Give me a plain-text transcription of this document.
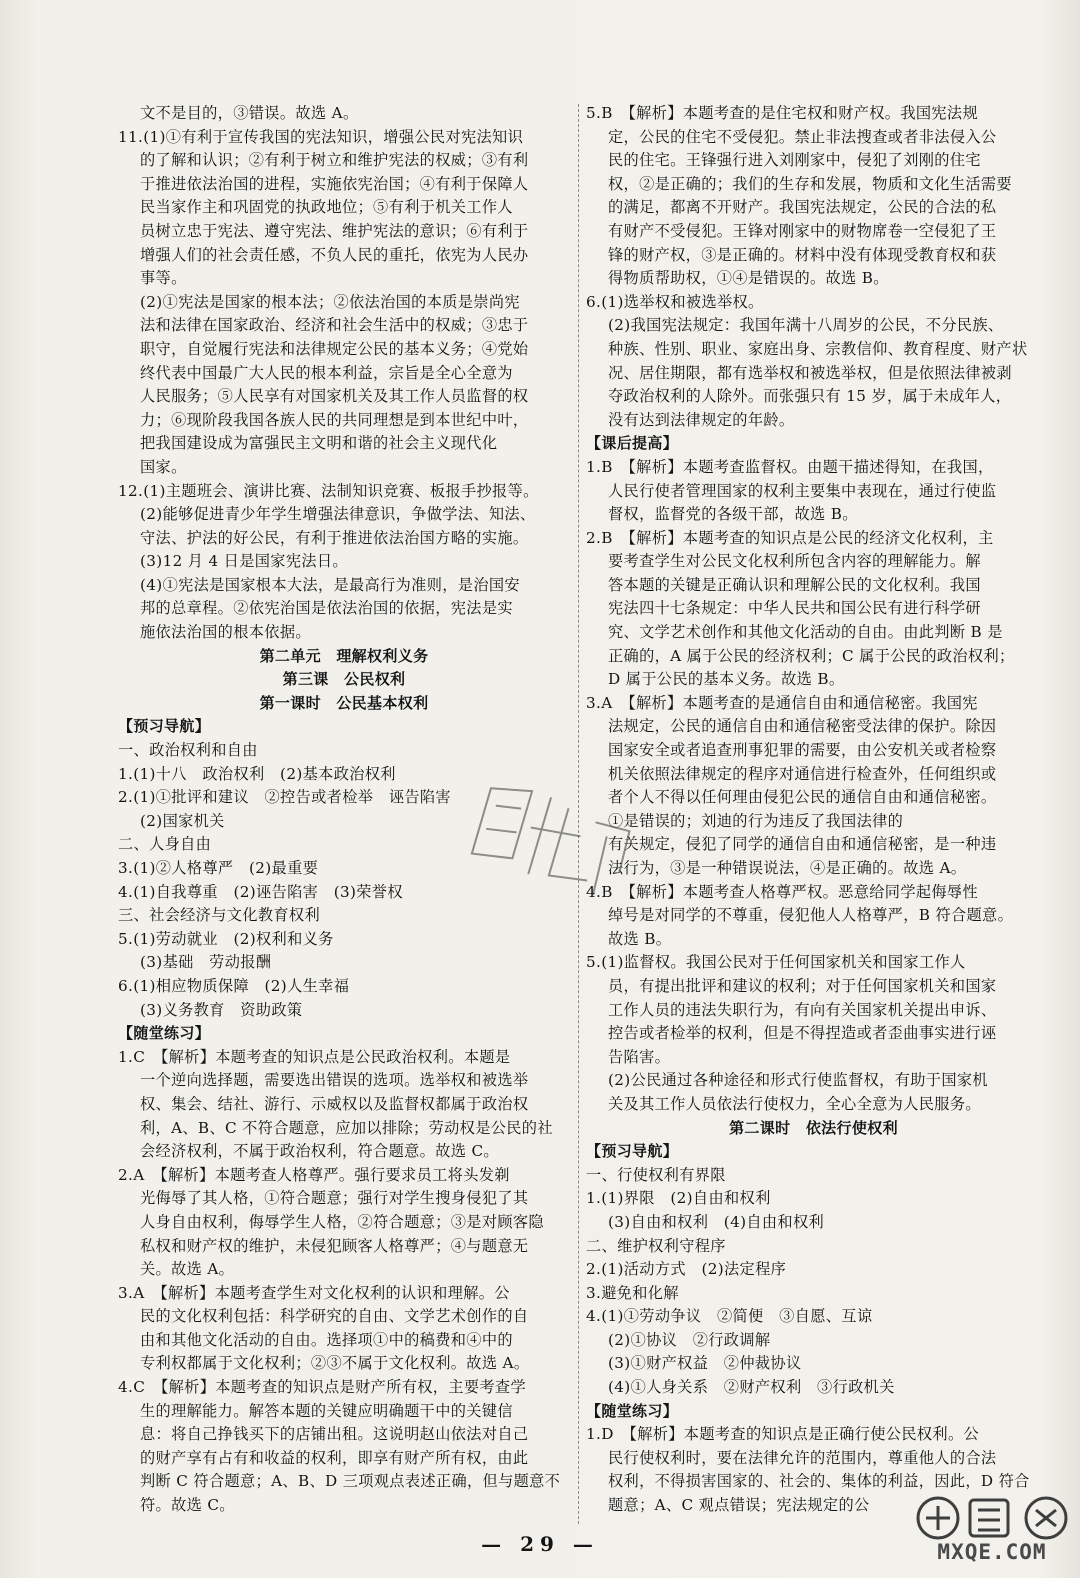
文不是目的，③错误。故选 A。
11.(1)①有利于宣传我国的宪法知识，增强公民对宪法知识
的了解和认识；②有利于树立和维护宪法的权威；③有利
于推进依法治国的进程，实施依宪治国；④有利于保障人
民当家作主和巩固党的执政地位；⑤有利于机关工作人
员树立忠于宪法、遵守宪法、维护宪法的意识；⑥有利于
增强人们的社会责任感，不负人民的重托，依宪为人民办
事等。
(2)①宪法是国家的根本法；②依法治国的本质是崇尚宪
法和法律在国家政治、经济和社会生活中的权威；③忠于
职守，自觉履行宪法和法律规定公民的基本义务；④党始
终代表中国最广大人民的根本利益，宗旨是全心全意为
人民服务；⑤人民享有对国家机关及其工作人员监督的权
力；⑥现阶段我国各族人民的共同理想是到本世纪中叶，
把我国建设成为富强民主文明和谐的社会主义现代化
国家。
12.(1)主题班会、演讲比赛、法制知识竞赛、板报手抄报等。
(2)能够促进青少年学生增强法律意识，争做学法、知法、
守法、护法的好公民，有利于推进依法治国方略的实施。
(3)12 月 4 日是国家宪法日。
(4)①宪法是国家根本大法，是最高行为准则，是治国安
邦的总章程。②依宪治国是依法治国的依据，宪法是实
施依法治国的根本依据。
第二单元　理解权利义务
第三课　公民权利
第一课时　公民基本权利
【预习导航】
一、政治权利和自由
1.(1)十八　政治权利　(2)基本政治权利
2.(1)①批评和建议　②控告或者检举　诬告陷害
(2)国家机关
二、人身自由
3.(1)②人格尊严　(2)最重要
4.(1)自我尊重　(2)诬告陷害　(3)荣誉权
三、社会经济与文化教育权利
5.(1)劳动就业　(2)权利和义务
(3)基础　劳动报酬
6.(1)相应物质保障　(2)人生幸福
(3)义务教育　资助政策
【随堂练习】
1.C　【解析】本题考查的知识点是公民政治权利。本题是
一个逆向选择题，需要选出错误的选项。选举权和被选举
权、集会、结社、游行、示威权以及监督权都属于政治权
利，A、B、C 不符合题意，应加以排除；劳动权是公民的社
会经济权利，不属于政治权利，符合题意。故选 C。
2.A　【解析】本题考查人格尊严。强行要求员工将头发剃
光侮辱了其人格，①符合题意；强行对学生搜身侵犯了其
人身自由权利，侮辱学生人格，②符合题意；③是对顾客隐
私权和财产权的维护，未侵犯顾客人格尊严；④与题意无
关。故选 A。
3.A　【解析】本题考查学生对文化权利的认识和理解。公
民的文化权利包括：科学研究的自由、文学艺术创作的自
由和其他文化活动的自由。选择项①中的稿费和④中的
专利权都属于文化权利；②③不属于文化权利。故选 A。
4.C　【解析】本题考查的知识点是财产所有权，主要考查学
生的理解能力。解答本题的关键应明确题干中的关键信
息：将自己挣钱买下的店铺出租。这说明赵山依法对自己
的财产享有占有和收益的权利，即享有财产所有权，由此
判断 C 符合题意；A、B、D 三项观点表述正确，但与题意不
符。故选 C。
5.B　【解析】本题考查的是住宅权和财产权。我国宪法规
定，公民的住宅不受侵犯。禁止非法搜查或者非法侵入公
民的住宅。王锋强行进入刘刚家中，侵犯了刘刚的住宅
权，②是正确的；我们的生存和发展，物质和文化生活需要
的满足，都离不开财产。我国宪法规定，公民的合法的私
有财产不受侵犯。王锋对刚家中的财物席卷一空侵犯了王
锋的财产权，③是正确的。材料中没有体现受教育权和获
得物质帮助权，①④是错误的。故选 B。
6.(1)选举权和被选举权。
(2)我国宪法规定：我国年满十八周岁的公民，不分民族、
种族、性别、职业、家庭出身、宗教信仰、教育程度、财产状
况、居住期限，都有选举权和被选举权，但是依照法律被剥
夺政治权利的人除外。而张强只有 15 岁，属于未成年人，
没有达到法律规定的年龄。
【课后提高】
1.B　【解析】本题考查监督权。由题干描述得知，在我国，
人民行使者管理国家的权利主要集中表现在，通过行使监
督权，监督党的各级干部，故选 B。
2.B　【解析】本题考查的知识点是公民的经济文化权利，主
要考查学生对公民文化权利所包含内容的理解能力。解
答本题的关键是正确认识和理解公民的文化权利。我国
宪法四十七条规定：中华人民共和国公民有进行科学研
究、文学艺术创作和其他文化活动的自由。由此判断 B 是
正确的，A 属于公民的经济权利；C 属于公民的政治权利；
D 属于公民的基本义务。故选 B。
3.A　【解析】本题考查的是通信自由和通信秘密。我国宪
法规定，公民的通信自由和通信秘密受法律的保护。除因
国家安全或者追查刑事犯罪的需要，由公安机关或者检察
机关依照法律规定的程序对通信进行检查外，任何组织或
者个人不得以任何理由侵犯公民的通信自由和通信秘密。
①是错误的；刘迪的行为违反了我国法律的
有关规定，侵犯了同学的通信自由和通信秘密，是一种违
法行为，③是一种错误说法，④是正确的。故选 A。
4.B　【解析】本题考查人格尊严权。恶意给同学起侮辱性
绰号是对同学的不尊重，侵犯他人人格尊严，B 符合题意。
故选 B。
5.(1)监督权。我国公民对于任何国家机关和国家工作人
员，有提出批评和建议的权利；对于任何国家机关和国家
工作人员的违法失职行为，有向有关国家机关提出申诉、
控告或者检举的权利，但是不得捏造或者歪曲事实进行诬
告陷害。
(2)公民通过各种途径和形式行使监督权，有助于国家机
关及其工作人员依法行使权力，全心全意为人民服务。
第二课时　依法行使权利
【预习导航】
一、行使权利有界限
1.(1)界限　(2)自由和权利
(3)自由和权利　(4)自由和权利
二、维护权利守程序
2.(1)活动方式　(2)法定程序
3.避免和化解
4.(1)①劳动争议　②简便　③自愿、互谅
(2)①协议　②行政调解
(3)①财产权益　②仲裁协议
(4)①人身关系　②财产权利　③行政机关
【随堂练习】
1.D　【解析】本题考查的知识点是正确行使公民权利。公
民行使权利时，要在法律允许的范围内，尊重他人的合法
权利，不得损害国家的、社会的、集体的利益，因此，D 符合
题意；A、C 观点错误；宪法规定的公
— 29 —	MXQE.COM
